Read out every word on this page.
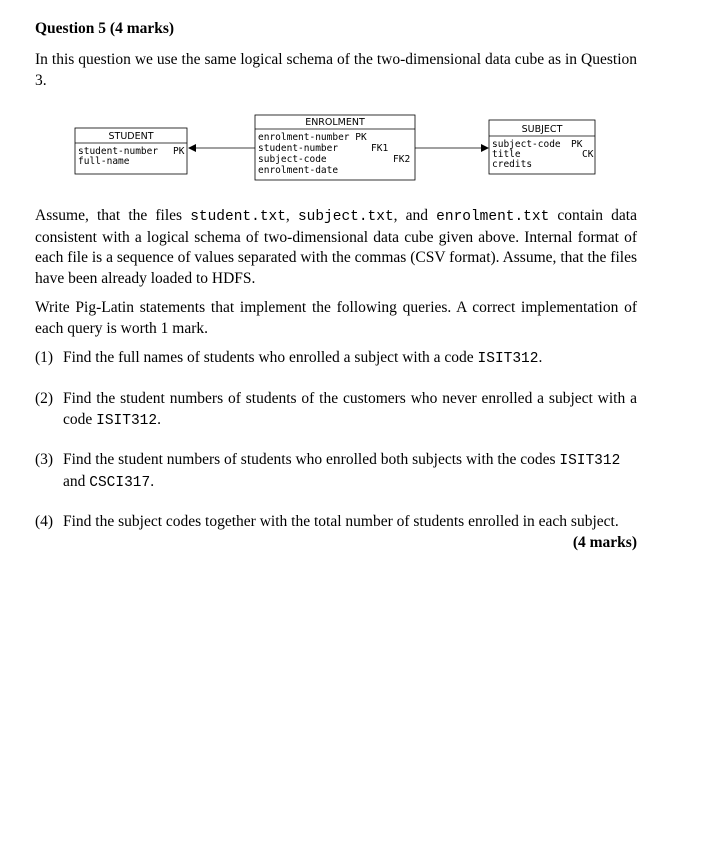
Question 5 (4 marks)
In this question we use the same logical schema of the two-dimensional data cube as in Question 3.
STUDENT
student-number
full-name
PK
ENROLMENT
enrolment-number PK
student-number
subject-code
enrolment-date
FK1
FK2
SUBJECT
subject-code
title
credits
PK
CK
Assume, that the files student.txt, subject.txt, and enrolment.txt contain data consistent with a logical schema of two-dimensional data cube given above. Internal format of each file is a sequence of values separated with the commas (CSV format). Assume, that the files have been already loaded to HDFS.
Write Pig-Latin statements that implement the following queries. A correct implementation of each query is worth 1 mark.
(1) Find the full names of students who enrolled a subject with a code ISIT312.
(2) Find the student numbers of students of the customers who never enrolled a subject with a code ISIT312.
(3) Find the student numbers of students who enrolled both subjects with the codes ISIT312
and CSCI317.
(4) Find the subject codes together with the total number of students enrolled in each subject.
(4 marks)
